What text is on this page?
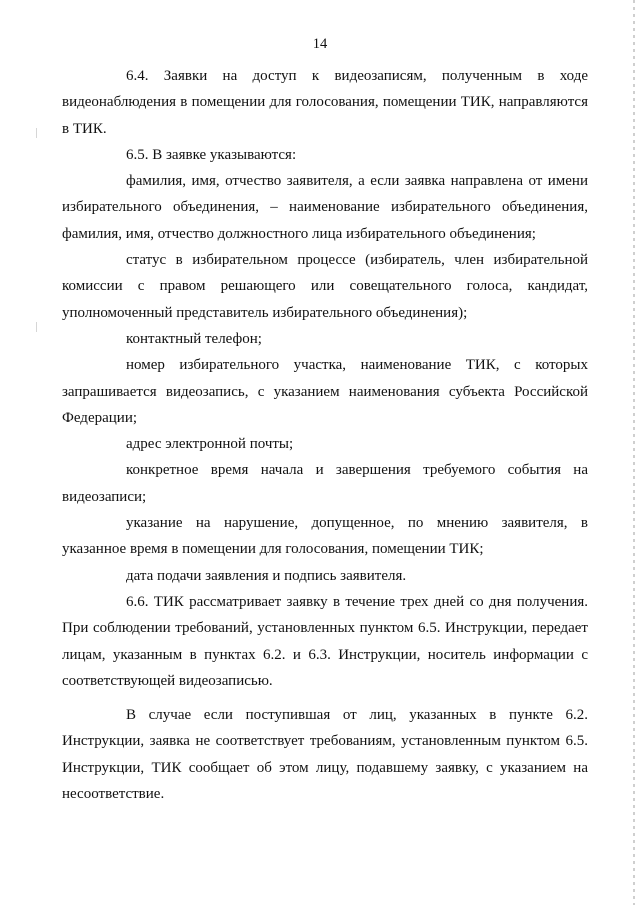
14

6.4. Заявки на доступ к видеозаписям, полученным в ходе видеонаблюдения в помещении для голосования, помещении ТИК, направляются в ТИК.

6.5. В заявке указываются:

фамилия, имя, отчество заявителя, а если заявка направлена от имени избирательного объединения, – наименование избирательного объединения, фамилия, имя, отчество должностного лица избирательного объединения;

статус в избирательном процессе (избиратель, член избирательной комиссии с правом решающего или совещательного голоса, кандидат, уполномоченный представитель избирательного объединения);

контактный телефон;

номер избирательного участка, наименование ТИК, с которых запрашивается видеозапись, с указанием наименования субъекта Российской Федерации;

адрес электронной почты;

конкретное время начала и завершения требуемого события на видеозаписи;

указание на нарушение, допущенное, по мнению заявителя, в указанное время в помещении для голосования, помещении ТИК;

дата подачи заявления и подпись заявителя.

6.6. ТИК рассматривает заявку в течение трех дней со дня получения. При соблюдении требований, установленных пунктом 6.5. Инструкции, передает лицам, указанным в пунктах 6.2. и 6.3. Инструкции, носитель информации с соответствующей видеозаписью.

В случае если поступившая от лиц, указанных в пункте 6.2. Инструкции, заявка не соответствует требованиям, установленным пунктом 6.5. Инструкции, ТИК сообщает об этом лицу, подавшему заявку, с указанием на несоответствие.
